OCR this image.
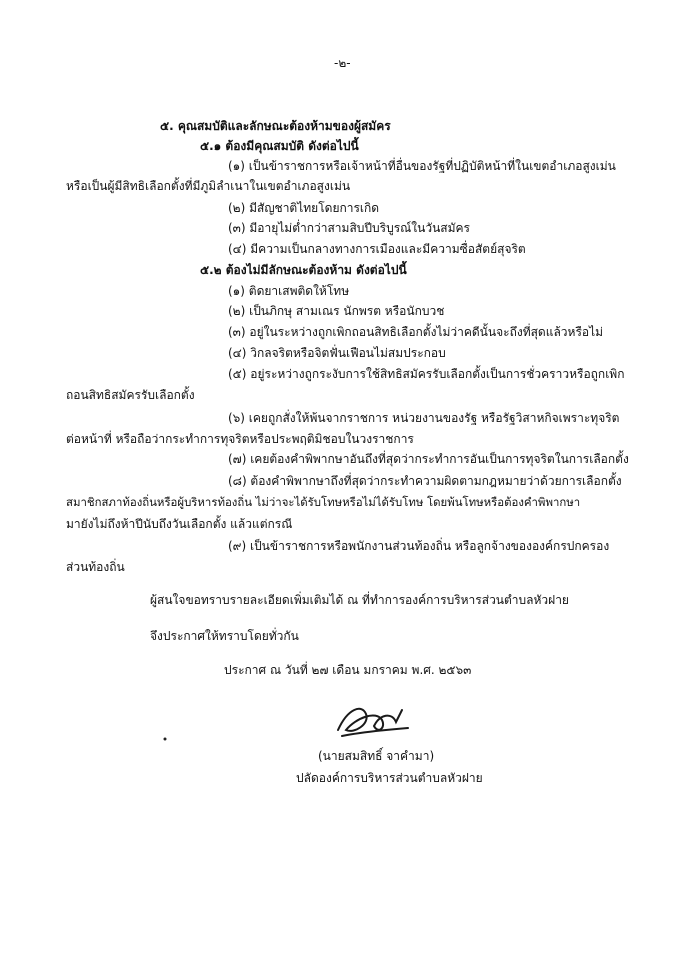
-๒-
๕. คุณสมบัติและลักษณะต้องห้ามของผู้สมัคร
๕.๑ ต้องมีคุณสมบัติ ดังต่อไปนี้
(๑) เป็นข้าราชการหรือเจ้าหน้าที่อื่นของรัฐที่ปฏิบัติหน้าที่ในเขตอำเภอสูงเม่น
หรือเป็นผู้มีสิทธิเลือกตั้งที่มีภูมิลำเนาในเขตอำเภอสูงเม่น
(๒) มีสัญชาติไทยโดยการเกิด
(๓) มีอายุไม่ต่ำกว่าสามสิบปีบริบูรณ์ในวันสมัคร
(๔) มีความเป็นกลางทางการเมืองและมีความซื่อสัตย์สุจริต
๕.๒ ต้องไม่มีลักษณะต้องห้าม ดังต่อไปนี้
(๑) ติดยาเสพติดให้โทษ
(๒) เป็นภิกษุ สามเณร นักพรต หรือนักบวช
(๓) อยู่ในระหว่างถูกเพิกถอนสิทธิเลือกตั้งไม่ว่าคดีนั้นจะถึงที่สุดแล้วหรือไม่
(๔) วิกลจริตหรือจิตฟั่นเฟือนไม่สมประกอบ
(๕) อยู่ระหว่างถูกระงับการใช้สิทธิสมัครรับเลือกตั้งเป็นการชั่วคราวหรือถูกเพิก
ถอนสิทธิสมัครรับเลือกตั้ง
(๖) เคยถูกสั่งให้พ้นจากราชการ หน่วยงานของรัฐ หรือรัฐวิสาหกิจเพราะทุจริต
ต่อหน้าที่ หรือถือว่ากระทำการทุจริตหรือประพฤติมิชอบในวงราชการ
(๗) เคยต้องคำพิพากษาอันถึงที่สุดว่ากระทำการอันเป็นการทุจริตในการเลือกตั้ง
(๘) ต้องคำพิพากษาถึงที่สุดว่ากระทำความผิดตามกฎหมายว่าด้วยการเลือกตั้ง
สมาชิกสภาท้องถิ่นหรือผู้บริหารท้องถิ่น ไม่ว่าจะได้รับโทษหรือไม่ได้รับโทษ โดยพ้นโทษหรือต้องคำพิพากษา
มายังไม่ถึงห้าปีนับถึงวันเลือกตั้ง แล้วแต่กรณี
(๙) เป็นข้าราชการหรือพนักงานส่วนท้องถิ่น หรือลูกจ้างขององค์กรปกครอง
ส่วนท้องถิ่น
ผู้สนใจขอทราบรายละเอียดเพิ่มเติมได้ ณ ที่ทำการองค์การบริหารส่วนตำบลหัวฝาย
จึงประกาศให้ทราบโดยทั่วกัน
ประกาศ ณ วันที่ ๒๗ เดือน มกราคม พ.ศ. ๒๕๖๓
(นายสมสิทธิ์ จาคำมา)
ปลัดองค์การบริหารส่วนตำบลหัวฝาย
